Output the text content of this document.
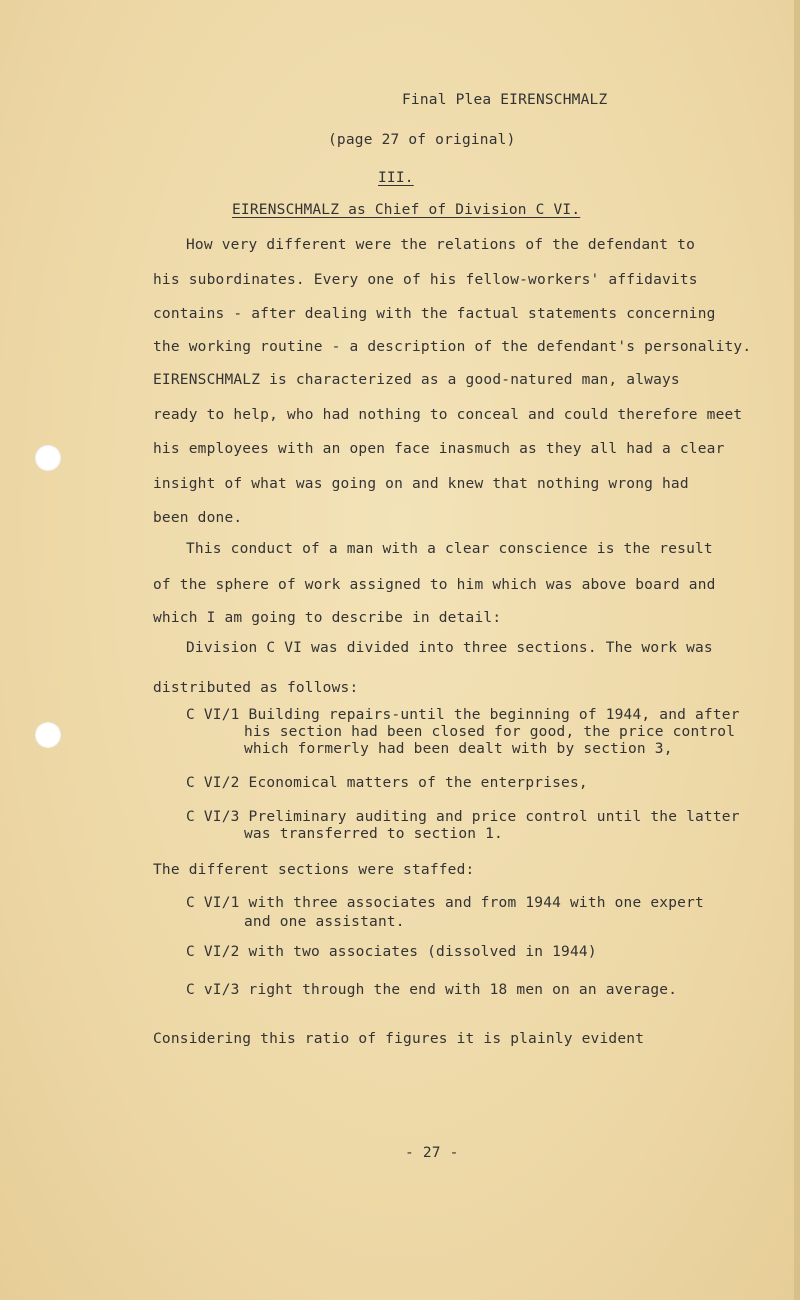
Final Plea EIRENSCHMALZ
(page 27 of original)
III.
EIRENSCHMALZ as Chief of Division C VI.
How very different were the relations of the defendant to
his subordinates. Every one of his fellow-workers' affidavits
contains - after dealing with the factual statements concerning
the working routine - a description of the defendant's personality.
EIRENSCHMALZ is characterized as a good-natured man, always
ready to help, who had nothing to conceal and could therefore meet
his employees with an open face inasmuch as they all had a clear
insight of what was going on and knew that nothing wrong had
been done.
This conduct of a man with a clear conscience is the result
of the sphere of work assigned to him which was above board and
which I am going to describe in detail:
Division C VI was divided into three sections. The work was
distributed as follows:
C VI/1 Building repairs-until the beginning of 1944, and after
his section had been closed for good, the price control
which formerly had been dealt with by section 3,
C VI/2 Economical matters of the enterprises,
C VI/3 Preliminary auditing and price control until the latter
was transferred to section 1.
The different sections were staffed:
C VI/1 with three associates and from 1944 with one expert
and one assistant.
C VI/2 with two associates (dissolved in 1944)
C vI/3 right through the end with 18 men on an average.
Considering this ratio of figures it is plainly evident
- 27 -
